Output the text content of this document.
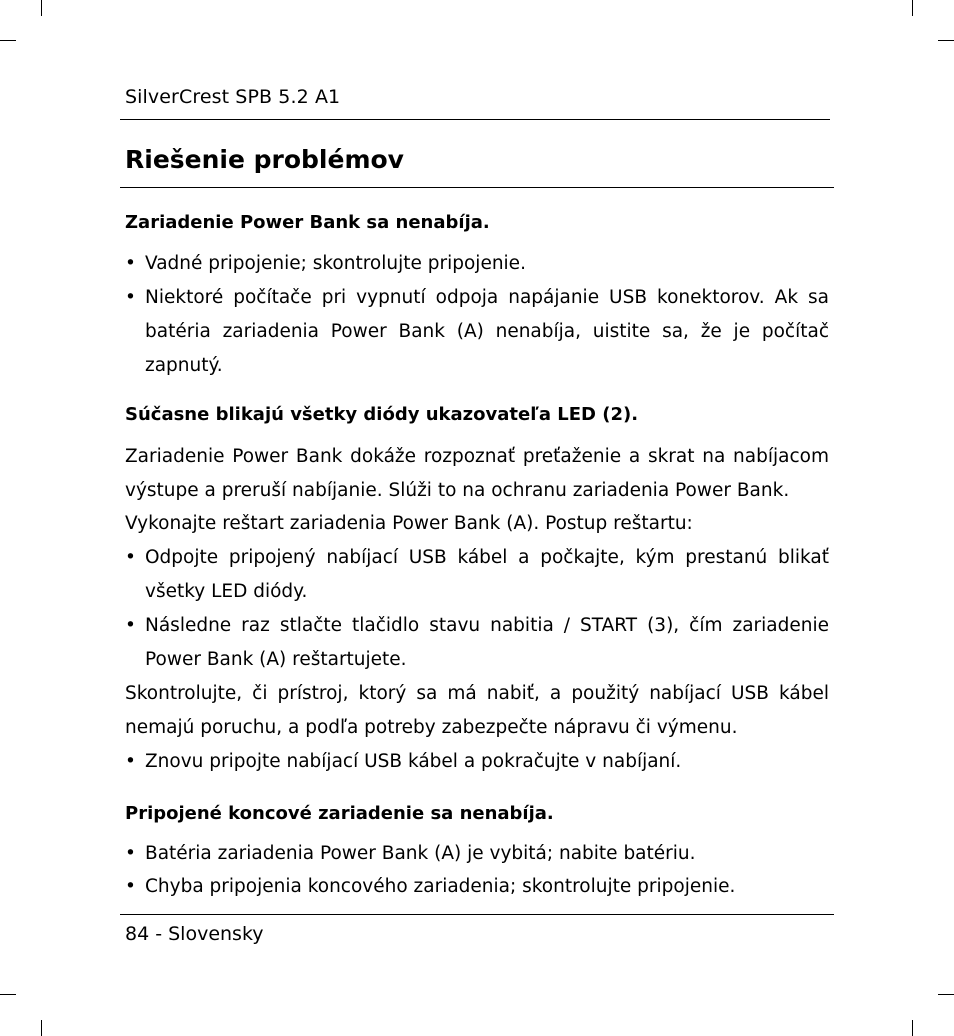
SilverCrest SPB 5.2 A1
Riešenie problémov
Zariadenie Power Bank sa nenabíja.
• Vadné pripojenie; skontrolujte pripojenie.
• Niektoré počítače pri vypnutí odpoja napájanie USB konektorov. Ak sa batéria zariadenia Power Bank (A) nenabíja, uistite sa, že je počítač zapnutý.
Súčasne blikajú všetky diódy ukazovateľa LED (2).
Zariadenie Power Bank dokáže rozpoznať preťaženie a skrat na nabíjacom výstupe a preruší nabíjanie. Slúži to na ochranu zariadenia Power Bank.
Vykonajte reštart zariadenia Power Bank (A). Postup reštartu:
• Odpojte pripojený nabíjací USB kábel a počkajte, kým prestanú blikať všetky LED diódy.
• Následne raz stlačte tlačidlo stavu nabitia / START (3), čím zariadenie Power Bank (A) reštartujete.
Skontrolujte, či prístroj, ktorý sa má nabiť, a použitý nabíjací USB kábel nemajú poruchu, a podľa potreby zabezpečte nápravu či výmenu.
• Znovu pripojte nabíjací USB kábel a pokračujte v nabíjaní.
Pripojené koncové zariadenie sa nenabíja.
• Batéria zariadenia Power Bank (A) je vybitá; nabite batériu.
• Chyba pripojenia koncového zariadenia; skontrolujte pripojenie.
84 - Slovensky
